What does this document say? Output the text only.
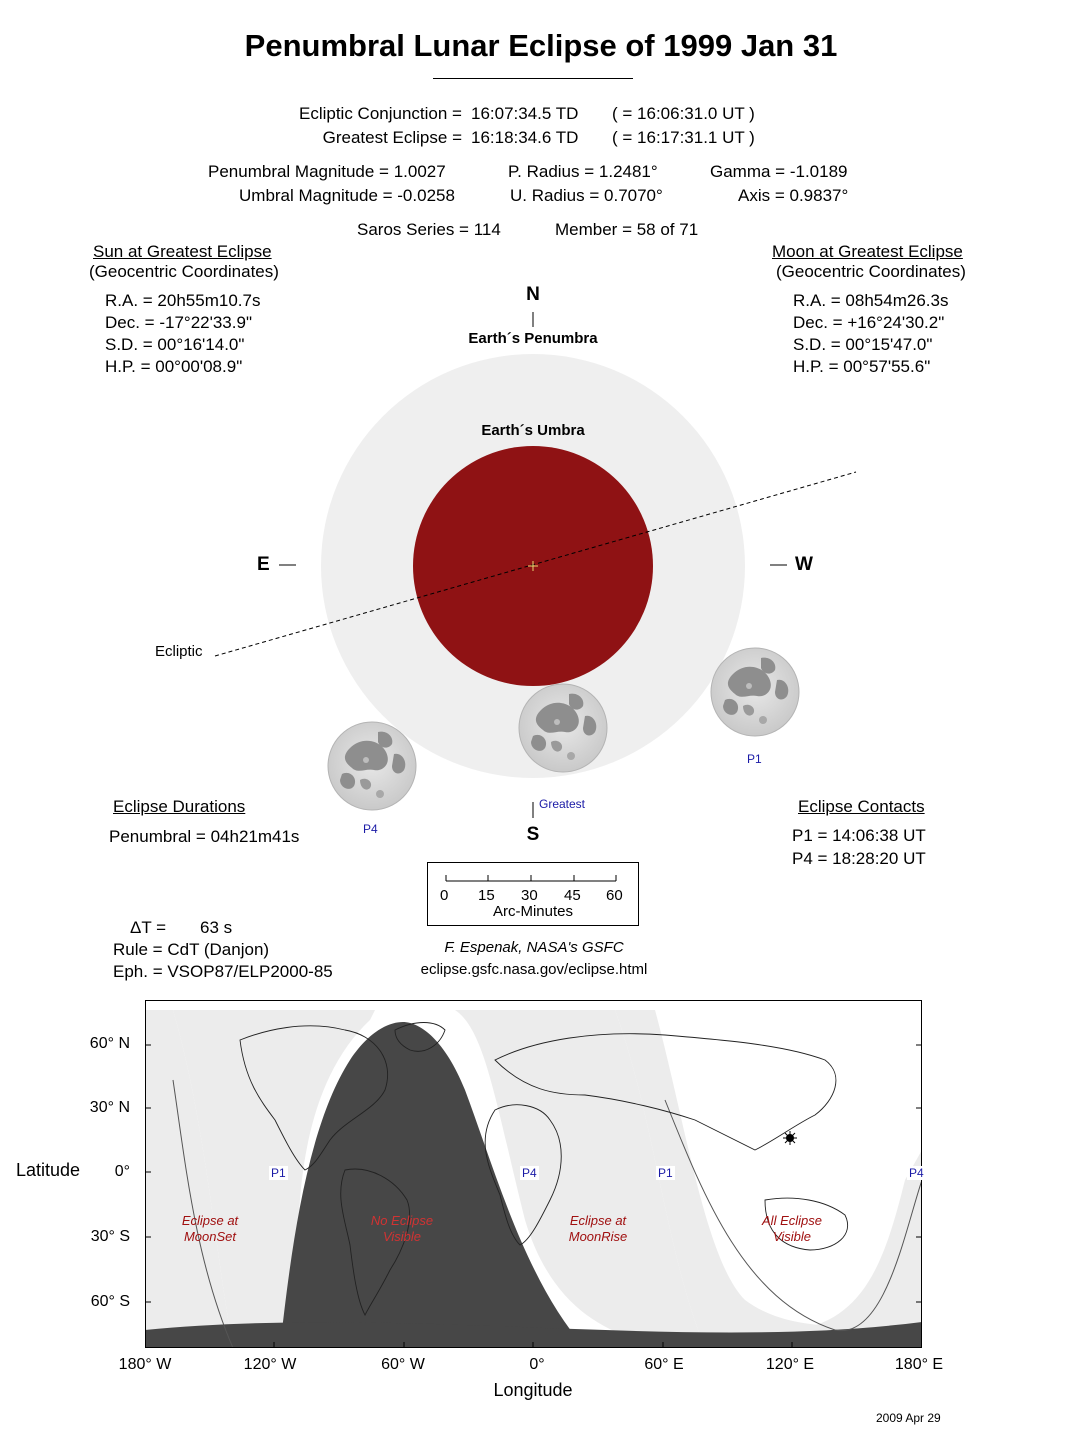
Penumbral Lunar Eclipse of 1999 Jan 31
Ecliptic Conjunction = 16:07:34.5 TD ( = 16:06:31.0 UT )
Greatest Eclipse = 16:18:34.6 TD ( = 16:17:31.1 UT )
Penumbral Magnitude = 1.0027
Umbral Magnitude = -0.0258
P. Radius = 1.2481°
U. Radius = 0.7070°
Gamma = -1.0189
Axis = 0.9837°
Saros Series = 114	Member = 58 of 71
Sun at Greatest Eclipse
(Geocentric Coordinates)
R.A. = 20h55m10.7s
Dec. = -17°22'33.9"
S.D. = 00°16'14.0"
H.P. = 00°00'08.9"
Moon at Greatest Eclipse
(Geocentric Coordinates)
R.A. = 08h54m26.3s
Dec. = +16°24'30.2"
S.D. = 00°15'47.0"
H.P. = 00°57'55.6"
N
S
E	W
Earth´s Penumbra
Earth´s Umbra
Ecliptic
P1
P4
Greatest
Eclipse Durations
Penumbral = 04h21m41s
Eclipse Contacts
P1 = 14:06:38 UT
P4 = 18:28:20 UT
0 15 30 45 60
Arc-Minutes
ΔT = 63 s
Rule = CdT (Danjon)
Eph. = VSOP87/ELP2000-85
F. Espenak, NASA's GSFC
eclipse.gsfc.nasa.gov/eclipse.html
P1	P4	P1	P4
Eclipse at
MoonSet
No Eclipse
Visible
Eclipse at
MoonRise
All Eclipse
Visible
60° N
30° N
0°
30° S
60° S
Latitude
180° W	120° W	60° W	0°	60° E	120° E	180° E
Longitude
2009 Apr 29
